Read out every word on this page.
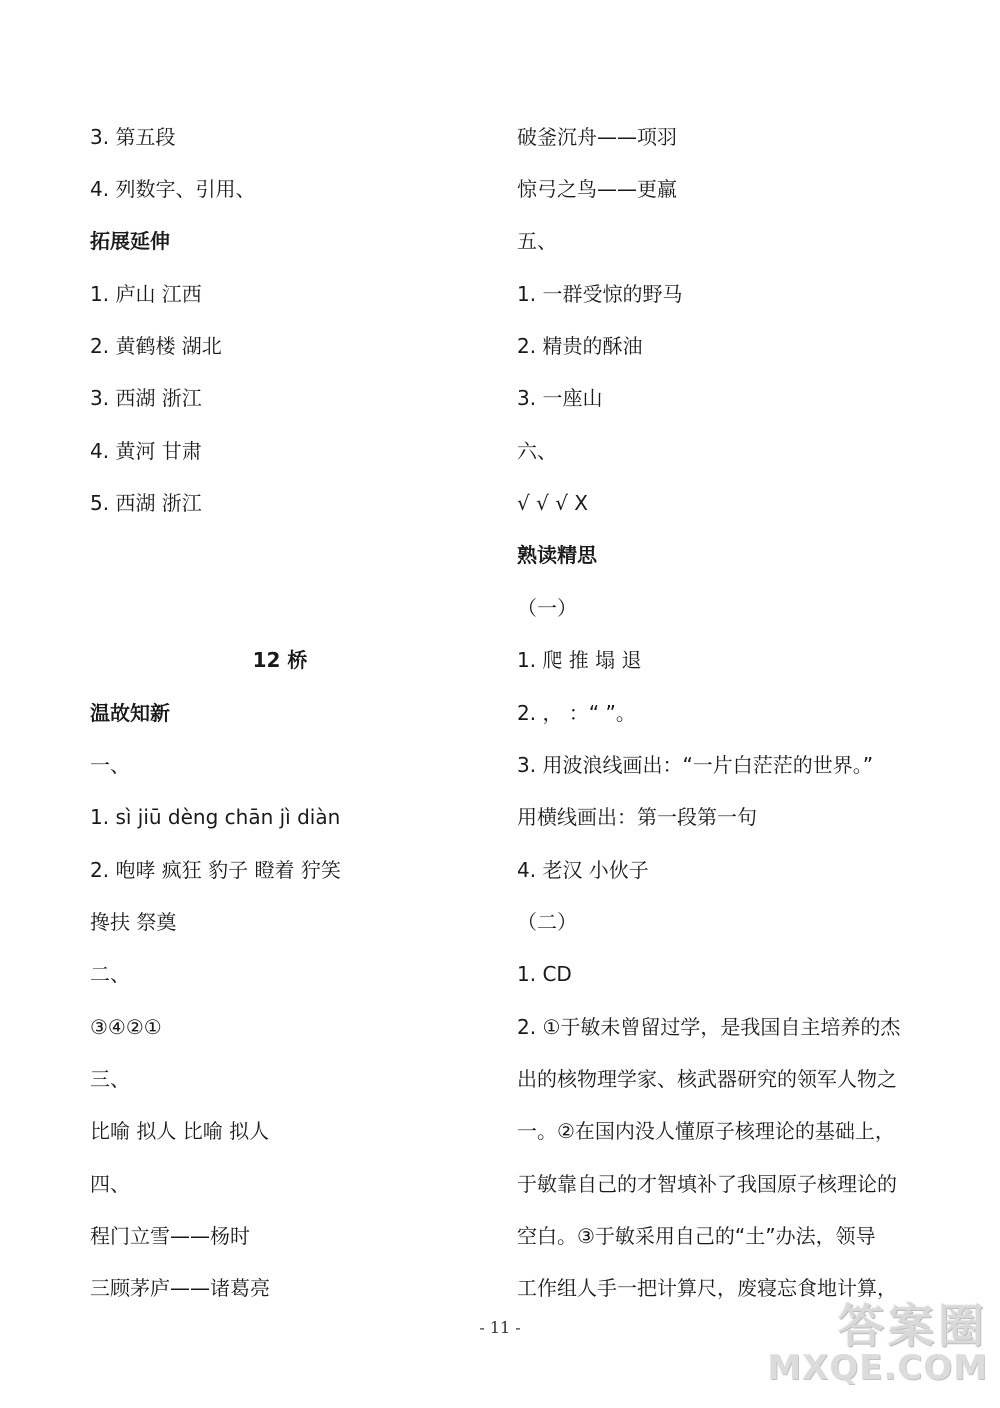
3. 第五段
4. 列数字、引用、
拓展延伸
1. 庐山 江西
2. 黄鹤楼 湖北
3. 西湖 浙江
4. 黄河 甘肃
5. 西湖 浙江
12 桥
温故知新
一、
1. sì jiū dèng chān jì diàn
2. 咆哮 疯狂 豹子 瞪着 狞笑
搀扶 祭奠
二、
③④②①
三、
比喻 拟人 比喻 拟人
四、
程门立雪——杨时
三顾茅庐——诸葛亮
破釜沉舟——项羽
惊弓之鸟——更羸
五、
1. 一群受惊的野马
2. 精贵的酥油
3. 一座山
六、
√ √ √ X
熟读精思
（一）
1. 爬 推 塌 退
2. ， ：“ ”。
3. 用波浪线画出：“一片白茫茫的世界。”
用横线画出：第一段第一句
4. 老汉 小伙子
（二）
1. CD
2. ①于敏未曾留过学，是我国自主培养的杰
出的核物理学家、核武器研究的领军人物之
一。②在国内没人懂原子核理论的基础上，
于敏靠自己的才智填补了我国原子核理论的
空白。③于敏采用自己的“土”办法，领导
工作组人手一把计算尺，废寝忘食地计算，
- 11 -	答案圈
MXQE.COM
